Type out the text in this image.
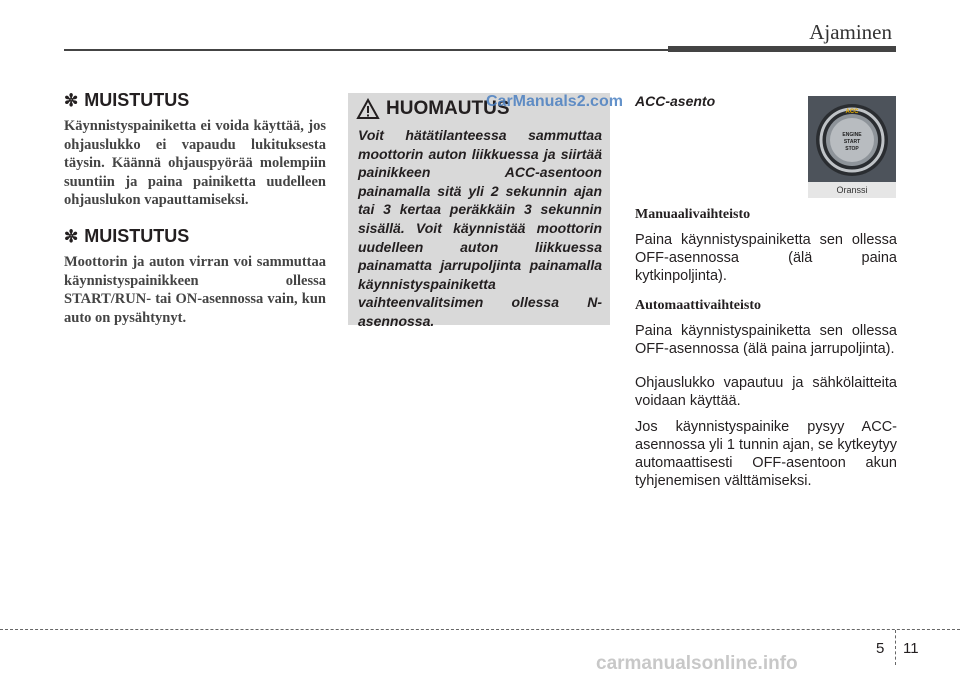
Ajaminen
✼ MUISTUTUS

Käynnistyspainiketta ei voida käyttää, jos ohjauslukko ei vapaudu lukituksesta täysin. Käännä ohjauspyörää molempiin suuntiin ja paina painiketta uudelleen ohjauslukon vapauttamiseksi.

✼ MUISTUTUS

Moottorin ja auton virran voi sammuttaa käynnistyspainikkeen ollessa START/RUN- tai ON-asennossa vain, kun auto on pysähtynyt.

HUOMAUTUS
CarManuals2.com

Voit hätätilanteessa sammuttaa moottorin auton liikkuessa ja siirtää painikkeen ACC-asentoon painamalla sitä yli 2 sekunnin ajan tai 3 kertaa peräkkäin 3 sekunnin sisällä. Voit käynnistää moottorin uudelleen auton liikkuessa painamatta jarrupoljinta painamalla käynnistyspainiketta vaihteenvalitsimen ollessa N-asennossa.

ACC-asento
ACC
ENGINE
START
STOP
Oranssi
Manuaalivaihteisto

Paina käynnistyspainiketta sen ollessa OFF-asennossa (älä paina kytkinpoljinta).

Automaattivaihteisto

Paina käynnistyspainiketta sen ollessa OFF-asennossa (älä paina jarrupoljinta).

Ohjauslukko vapautuu ja sähkölaitteita voidaan käyttää.

Jos käynnistyspainike pysyy ACC-asennossa yli 1 tunnin ajan, se kytkeytyy automaattisesti OFF-asentoon akun tyhjenemisen välttämiseksi.

5 11
carmanualsonline.info
